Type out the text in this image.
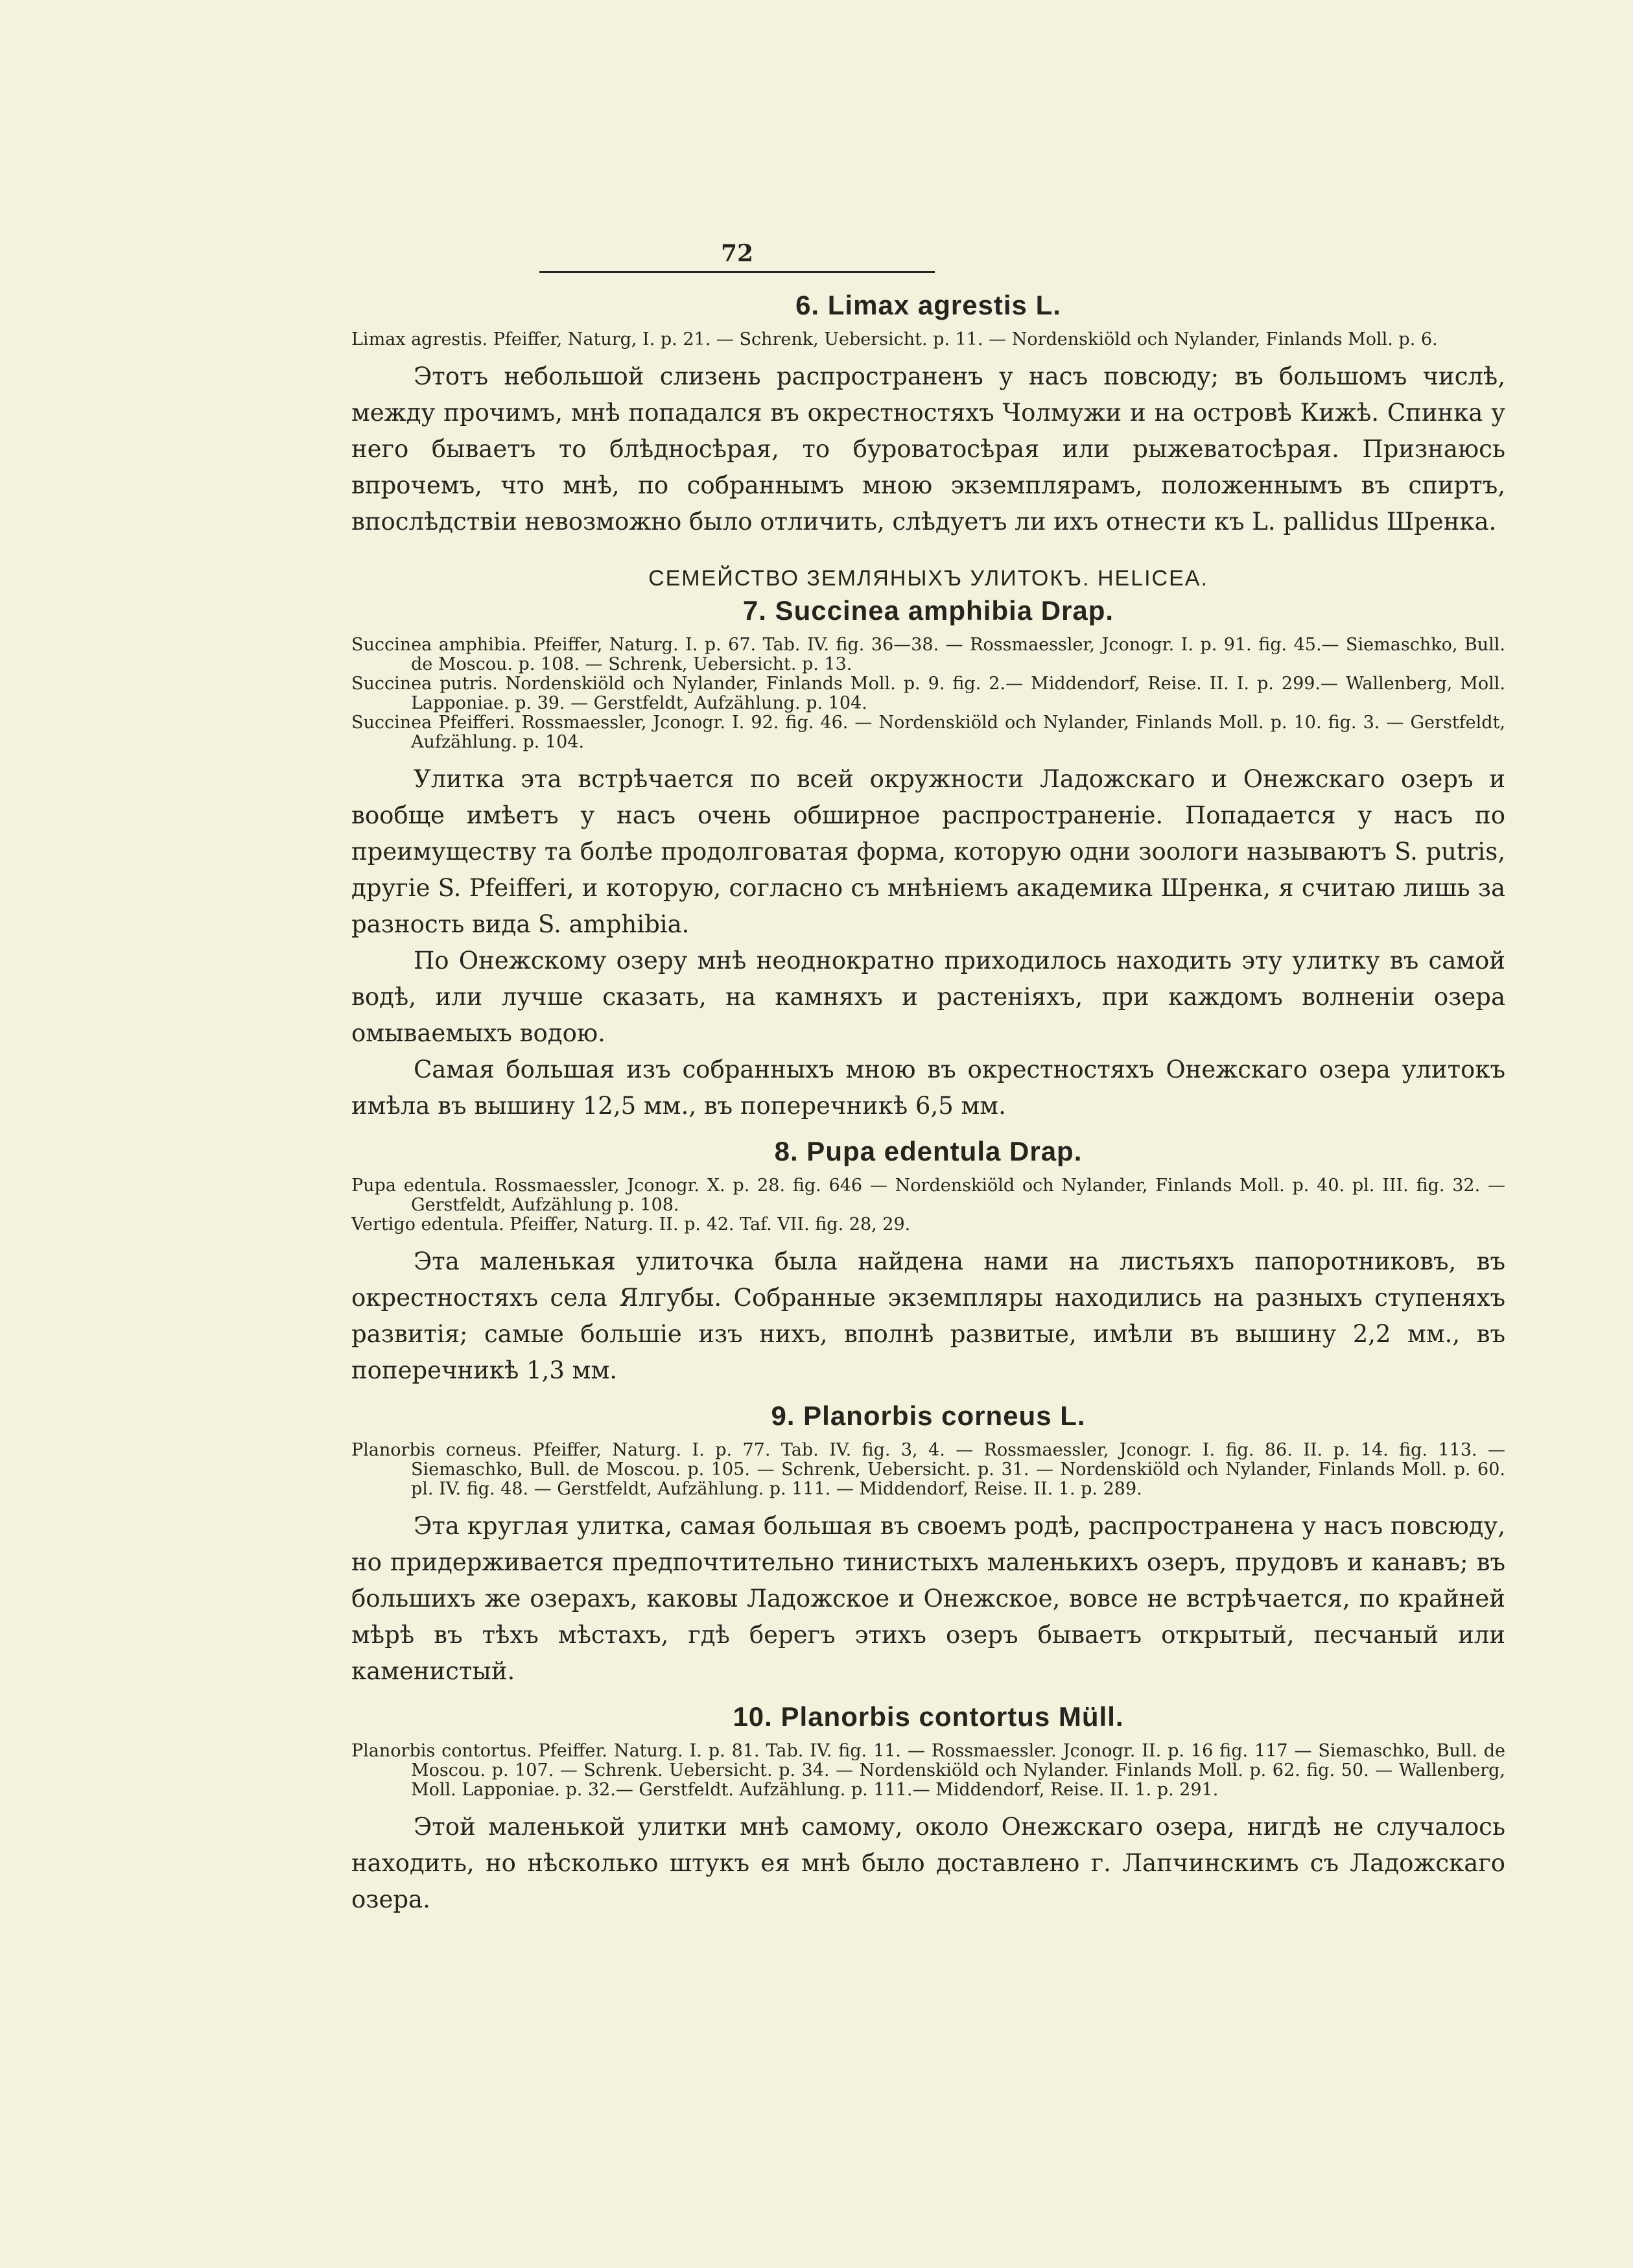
72
6. Limax agrestis L.
Limax agrestis. Pfeiffer, Naturg, I. p. 21. — Schrenk, Uebersicht. p. 11. — Nordenskiöld och Nylander, Finlands Moll. p. 6.

Этотъ небольшой слизень распространенъ у насъ повсюду; въ большомъ числѣ, между прочимъ, мнѣ попадался въ окрестностяхъ Чолмужи и на островѣ Кижѣ. Спинка у него бываетъ то блѣдносѣрая, то буроватосѣрая или рыжеватосѣрая. Признаюсь впрочемъ, что мнѣ, по собраннымъ мною экземплярамъ, положеннымъ въ спиртъ, впослѣдствіи невозможно было отличить, слѣдуетъ ли ихъ отнести къ L. pallidus Шренка.

СЕМЕЙСТВО ЗЕМЛЯНЫХЪ УЛИТОКЪ. HELICEA.
7. Succinea amphibia Drap.
Succinea amphibia. Pfeiffer, Naturg. I. p. 67. Tab. IV. fig. 36—38. — Rossmaessler, Jconogr. I. p. 91. fig. 45.— Siemaschko, Bull. de Moscou. p. 108. — Schrenk, Uebersicht. p. 13.
Succinea putris. Nordenskiöld och Nylander, Finlands Moll. p. 9. fig. 2.— Middendorf, Reise. II. I. p. 299.— Wallenberg, Moll. Lapponiae. p. 39. — Gerstfeldt, Aufzählung. p. 104.
Succinea Pfeifferi. Rossmaessler, Jconogr. I. 92. fig. 46. — Nordenskiöld och Nylander, Finlands Moll. p. 10. fig. 3. — Gerstfeldt, Aufzählung. p. 104.

Улитка эта встрѣчается по всей окружности Ладожскаго и Онежскаго озеръ и вообще имѣетъ у насъ очень обширное распространеніе. Попадается у насъ по преимуществу та болѣе продолговатая форма, которую одни зоологи называютъ S. putris, другіе S. Pfeifferi, и которую, согласно съ мнѣніемъ академика Шренка, я считаю лишь за разность вида S. amphibia.

По Онежскому озеру мнѣ неоднократно приходилось находить эту улитку въ самой водѣ, или лучше сказать, на камняхъ и растеніяхъ, при каждомъ волненіи озера омываемыхъ водою.

Самая большая изъ собранныхъ мною въ окрестностяхъ Онежскаго озера улитокъ имѣла въ вышину 12,5 мм., въ поперечникѣ 6,5 мм.

8. Pupa edentula Drap.
Pupa edentula. Rossmaessler, Jconogr. X. p. 28. fig. 646 — Nordenskiöld och Nylander, Finlands Moll. p. 40. pl. III. fig. 32. — Gerstfeldt, Aufzählung p. 108.
Vertigo edentula. Pfeiffer, Naturg. II. p. 42. Taf. VII. fig. 28, 29.

Эта маленькая улиточка была найдена нами на листьяхъ папоротниковъ, въ окрестностяхъ села Ялгубы. Собранные экземпляры находились на разныхъ ступеняхъ развитія; самые большіе изъ нихъ, вполнѣ развитые, имѣли въ вышину 2,2 мм., въ поперечникѣ 1,3 мм.

9. Planorbis corneus L.
Planorbis corneus. Pfeiffer, Naturg. I. p. 77. Tab. IV. fig. 3, 4. — Rossmaessler, Jconogr. I. fig. 86. II. p. 14. fig. 113. — Siemaschko, Bull. de Moscou. p. 105. — Schrenk, Uebersicht. p. 31. — Nordenskiöld och Nylander, Finlands Moll. p. 60. pl. IV. fig. 48. — Gerstfeldt, Aufzählung. p. 111. — Middendorf, Reise. II. 1. p. 289.

Эта круглая улитка, самая большая въ своемъ родѣ, распространена у насъ повсюду, но придерживается предпочтительно тинистыхъ маленькихъ озеръ, прудовъ и канавъ; въ большихъ же озерахъ, каковы Ладожское и Онежское, вовсе не встрѣчается, по крайней мѣрѣ въ тѣхъ мѣстахъ, гдѣ берегъ этихъ озеръ бываетъ открытый, песчаный или каменистый.

10. Planorbis contortus Müll.
Planorbis contortus. Pfeiffer. Naturg. I. p. 81. Tab. IV. fig. 11. — Rossmaessler. Jconogr. II. p. 16 fig. 117 — Siemaschko, Bull. de Moscou. p. 107. — Schrenk. Uebersicht. p. 34. — Nordenskiöld och Nylander. Finlands Moll. p. 62. fig. 50. — Wallenberg, Moll. Lapponiae. p. 32.— Gerstfeldt. Aufzählung. p. 111.— Middendorf, Reise. II. 1. p. 291.

Этой маленькой улитки мнѣ самому, около Онежскаго озера, нигдѣ не случалось находить, но нѣсколько штукъ ея мнѣ было доставлено г. Лапчинскимъ съ Ладожскаго озера.
